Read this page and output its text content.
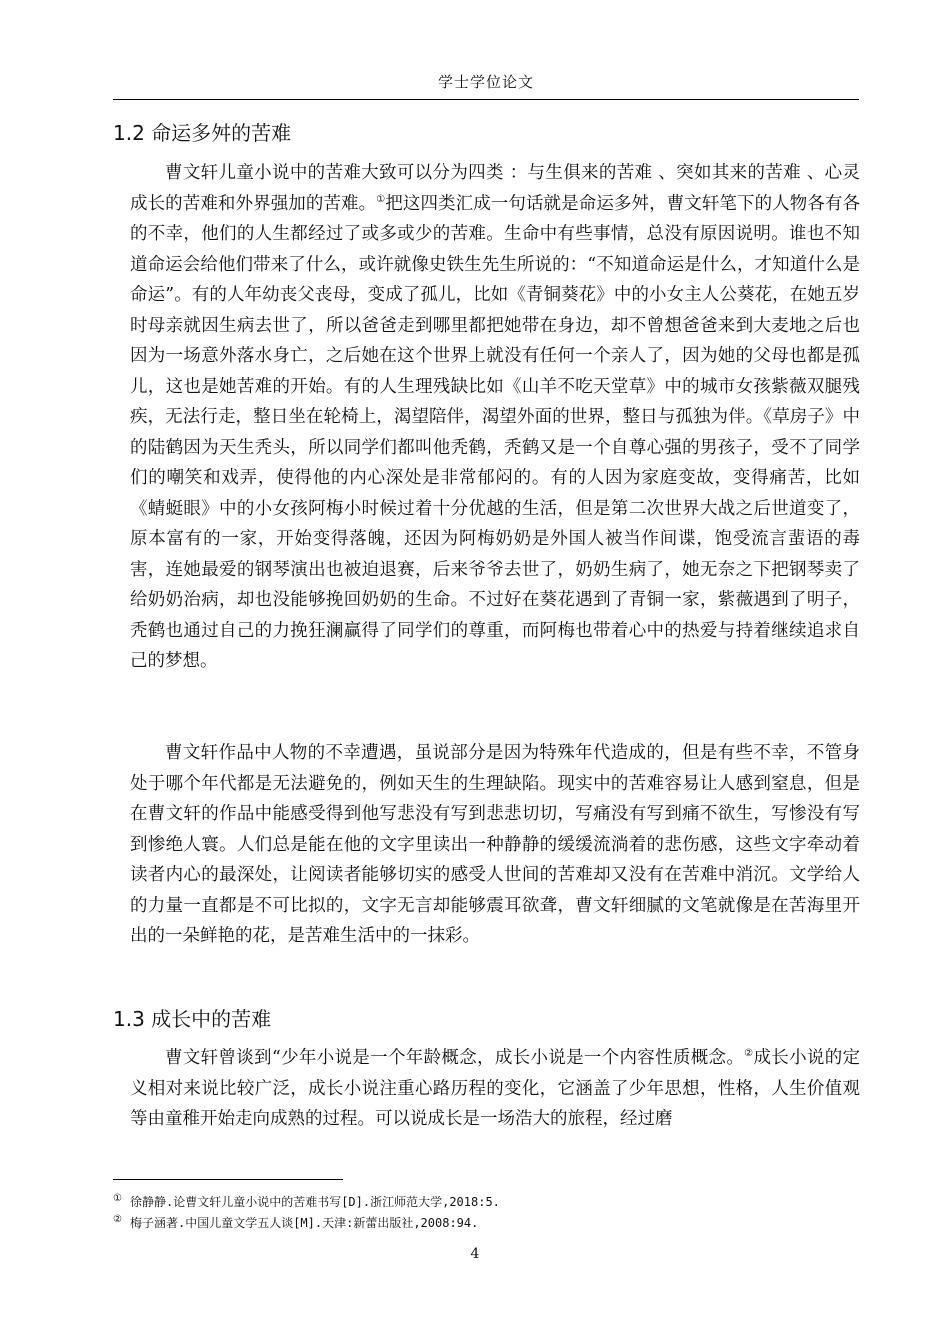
学士学位论文
1.2 命运多舛的苦难

曹文轩儿童小说中的苦难大致可以分为四类 ：与生俱来的苦难 、突如其来的苦难 、心灵成长的苦难和外界强加的苦难。①把这四类汇成一句话就是命运多舛，曹文轩笔下的人物各有各的不幸，他们的人生都经过了或多或少的苦难。生命中有些事情，总没有原因说明。谁也不知道命运会给他们带来了什么，或许就像史铁生先生所说的：“不知道命运是什么，才知道什么是命运”。有的人年幼丧父丧母，变成了孤儿，比如《青铜葵花》中的小女主人公葵花，在她五岁时母亲就因生病去世了，所以爸爸走到哪里都把她带在身边，却不曾想爸爸来到大麦地之后也因为一场意外落水身亡，之后她在这个世界上就没有任何一个亲人了，因为她的父母也都是孤儿，这也是她苦难的开始。有的人生理残缺比如《山羊不吃天堂草》中的城市女孩紫薇双腿残疾，无法行走，整日坐在轮椅上，渴望陪伴，渴望外面的世界，整日与孤独为伴。《草房子》中的陆鹤因为天生秃头，所以同学们都叫他秃鹤，秃鹤又是一个自尊心强的男孩子，受不了同学们的嘲笑和戏弄，使得他的内心深处是非常郁闷的。有的人因为家庭变故，变得痛苦，比如《蜻蜓眼》中的小女孩阿梅小时候过着十分优越的生活，但是第二次世界大战之后世道变了，原本富有的一家，开始变得落魄，还因为阿梅奶奶是外国人被当作间谍，饱受流言蜚语的毒害，连她最爱的钢琴演出也被迫退赛，后来爷爷去世了，奶奶生病了，她无奈之下把钢琴卖了给奶奶治病，却也没能够挽回奶奶的生命。不过好在葵花遇到了青铜一家，紫薇遇到了明子，秃鹤也通过自己的力挽狂澜赢得了同学们的尊重，而阿梅也带着心中的热爱与持着继续追求自己的梦想。

曹文轩作品中人物的不幸遭遇，虽说部分是因为特殊年代造成的，但是有些不幸，不管身处于哪个年代都是无法避免的，例如天生的生理缺陷。现实中的苦难容易让人感到窒息，但是在曹文轩的作品中能感受得到他写悲没有写到悲悲切切，写痛没有写到痛不欲生，写惨没有写到惨绝人寰。人们总是能在他的文字里读出一种静静的缓缓流淌着的悲伤感，这些文字牵动着读者内心的最深处，让阅读者能够切实的感受人世间的苦难却又没有在苦难中消沉。文学给人的力量一直都是不可比拟的，文字无言却能够震耳欲聋，曹文轩细腻的文笔就像是在苦海里开出的一朵鲜艳的花，是苦难生活中的一抹彩。

1.3 成长中的苦难

曹文轩曾谈到“少年小说是一个年龄概念，成长小说是一个内容性质概念。②成长小说的定义相对来说比较广泛，成长小说注重心路历程的变化，它涵盖了少年思想，性格，人生价值观等由童稚开始走向成熟的过程。可以说成长是一场浩大的旅程，经过磨

① 徐静静.论曹文轩儿童小说中的苦难书写[D].浙江师范大学,2018:5.
② 梅子涵著.中国儿童文学五人谈[M].天津:新蕾出版社,2008:94.
4
